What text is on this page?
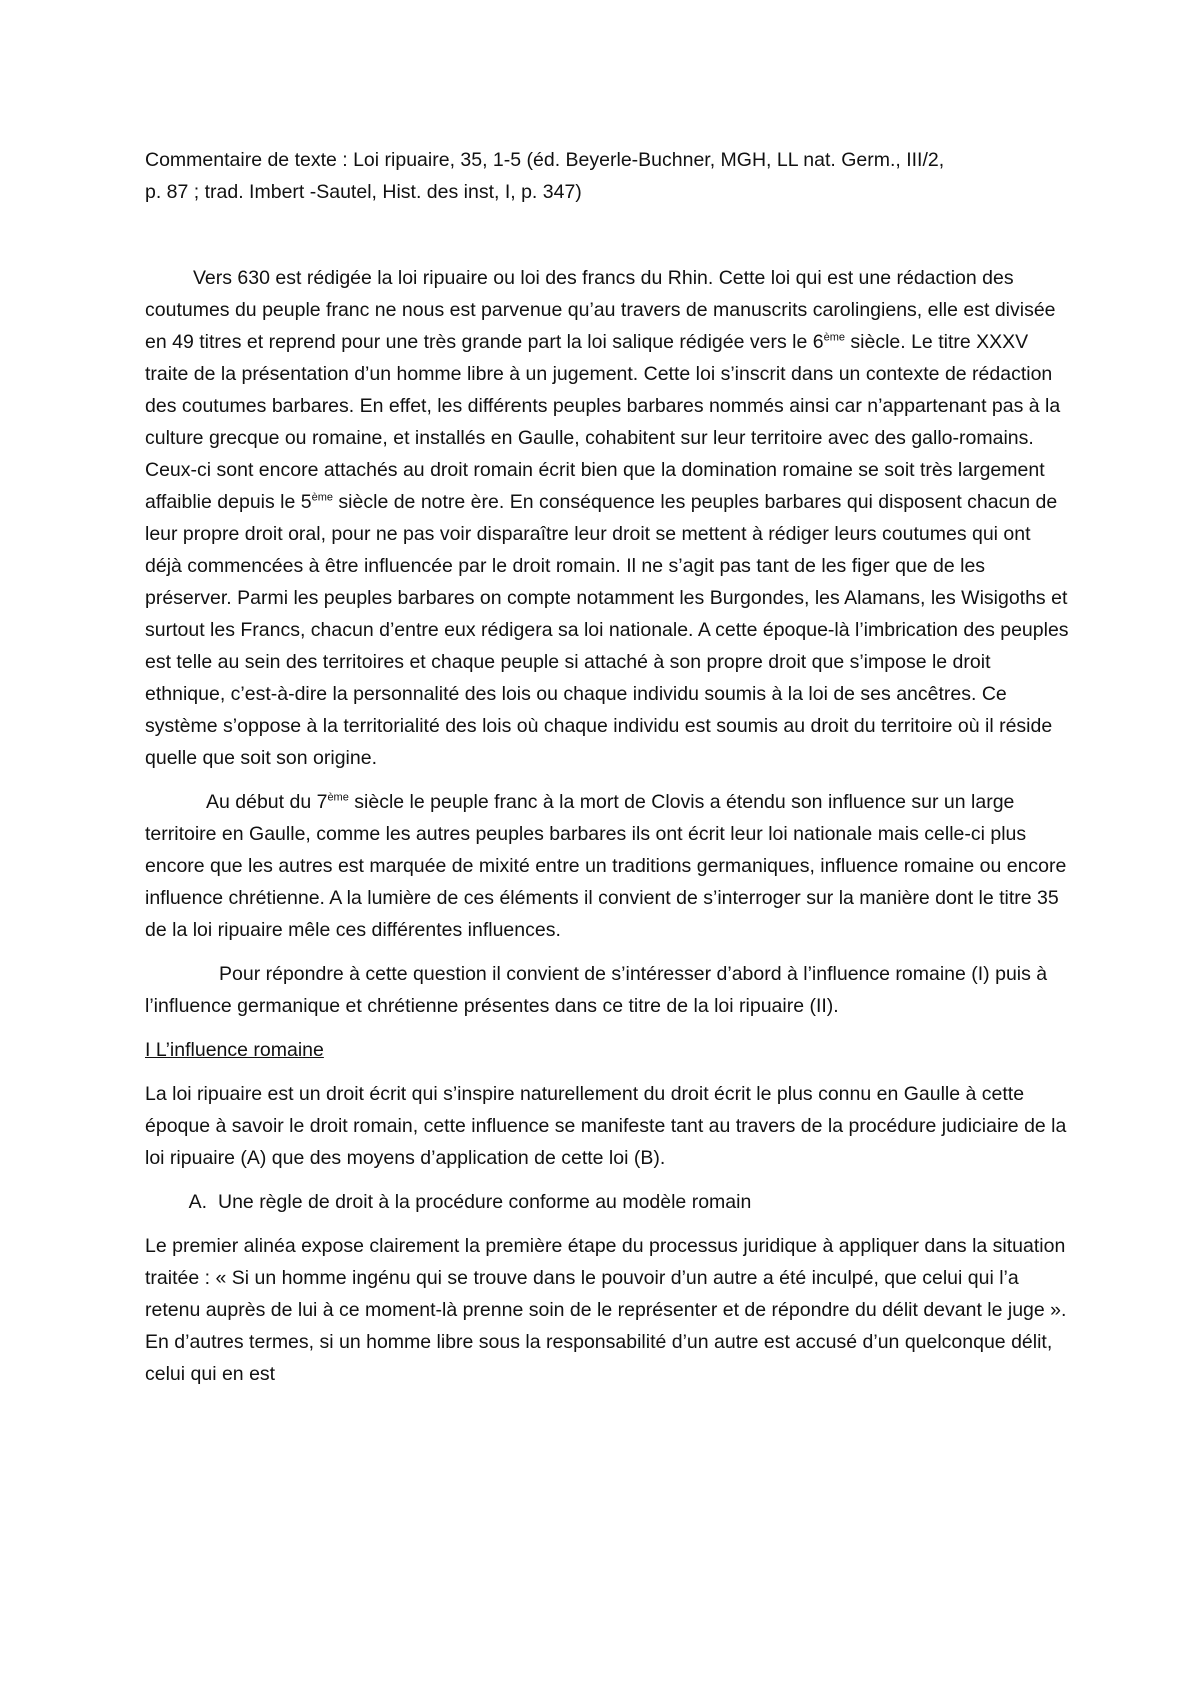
Commentaire de texte : Loi ripuaire, 35, 1-5 (éd. Beyerle-Buchner, MGH, LL nat. Germ., III/2,
p. 87 ; trad. Imbert -Sautel, Hist. des inst, I, p. 347)

Vers 630 est rédigée la loi ripuaire ou loi des francs du Rhin. Cette loi qui est une rédaction des coutumes du peuple franc ne nous est parvenue qu’au travers de manuscrits carolingiens, elle est divisée en 49 titres et reprend pour une très grande part la loi salique rédigée vers le 6ème siècle. Le titre XXXV traite de la présentation d’un homme libre à un jugement. Cette loi s’inscrit dans un contexte de rédaction des coutumes barbares. En effet, les différents peuples barbares nommés ainsi car n’appartenant pas à la culture grecque ou romaine, et installés en Gaulle, cohabitent sur leur territoire avec des gallo-romains. Ceux-ci sont encore attachés au droit romain écrit bien que la domination romaine se soit très largement affaiblie depuis le 5ème siècle de notre ère. En conséquence les peuples barbares qui disposent chacun de leur propre droit oral, pour ne pas voir disparaître leur droit se mettent à rédiger leurs coutumes qui ont déjà commencées à être influencée par le droit romain. Il ne s’agit pas tant de les figer que de les préserver. Parmi les peuples barbares on compte notamment les Burgondes, les Alamans, les Wisigoths et surtout les Francs, chacun d’entre eux rédigera sa loi nationale. A cette époque-là l’imbrication des peuples est telle au sein des territoires et chaque peuple si attaché à son propre droit que s’impose le droit ethnique, c’est-à-dire la personnalité des lois ou chaque individu soumis à la loi de ses ancêtres. Ce système s’oppose à la territorialité des lois où chaque individu est soumis au droit du territoire où il réside quelle que soit son origine.

Au début du 7ème siècle le peuple franc à la mort de Clovis a étendu son influence sur un large territoire en Gaulle, comme les autres peuples barbares ils ont écrit leur loi nationale mais celle-ci plus encore que les autres est marquée de mixité entre un traditions germaniques, influence romaine ou encore influence chrétienne. A la lumière de ces éléments il convient de s’interroger sur la manière dont le titre 35 de la loi ripuaire mêle ces différentes influences.

Pour répondre à cette question il convient de s’intéresser d’abord à l’influence romaine (I) puis à l’influence germanique et chrétienne présentes dans ce titre de la loi ripuaire (II).

I L’influence romaine

La loi ripuaire est un droit écrit qui s’inspire naturellement du droit écrit le plus connu en Gaulle à cette époque à savoir le droit romain, cette influence se manifeste tant au travers de la procédure judiciaire de la loi ripuaire (A) que des moyens d’application de cette loi (B).

A. Une règle de droit à la procédure conforme au modèle romain

Le premier alinéa expose clairement la première étape du processus juridique à appliquer dans la situation traitée : « Si un homme ingénu qui se trouve dans le pouvoir d’un autre a été inculpé, que celui qui l’a retenu auprès de lui à ce moment-là prenne soin de le représenter et de répondre du délit devant le juge ». En d’autres termes, si un homme libre sous la responsabilité d’un autre est accusé d’un quelconque délit, celui qui en est
